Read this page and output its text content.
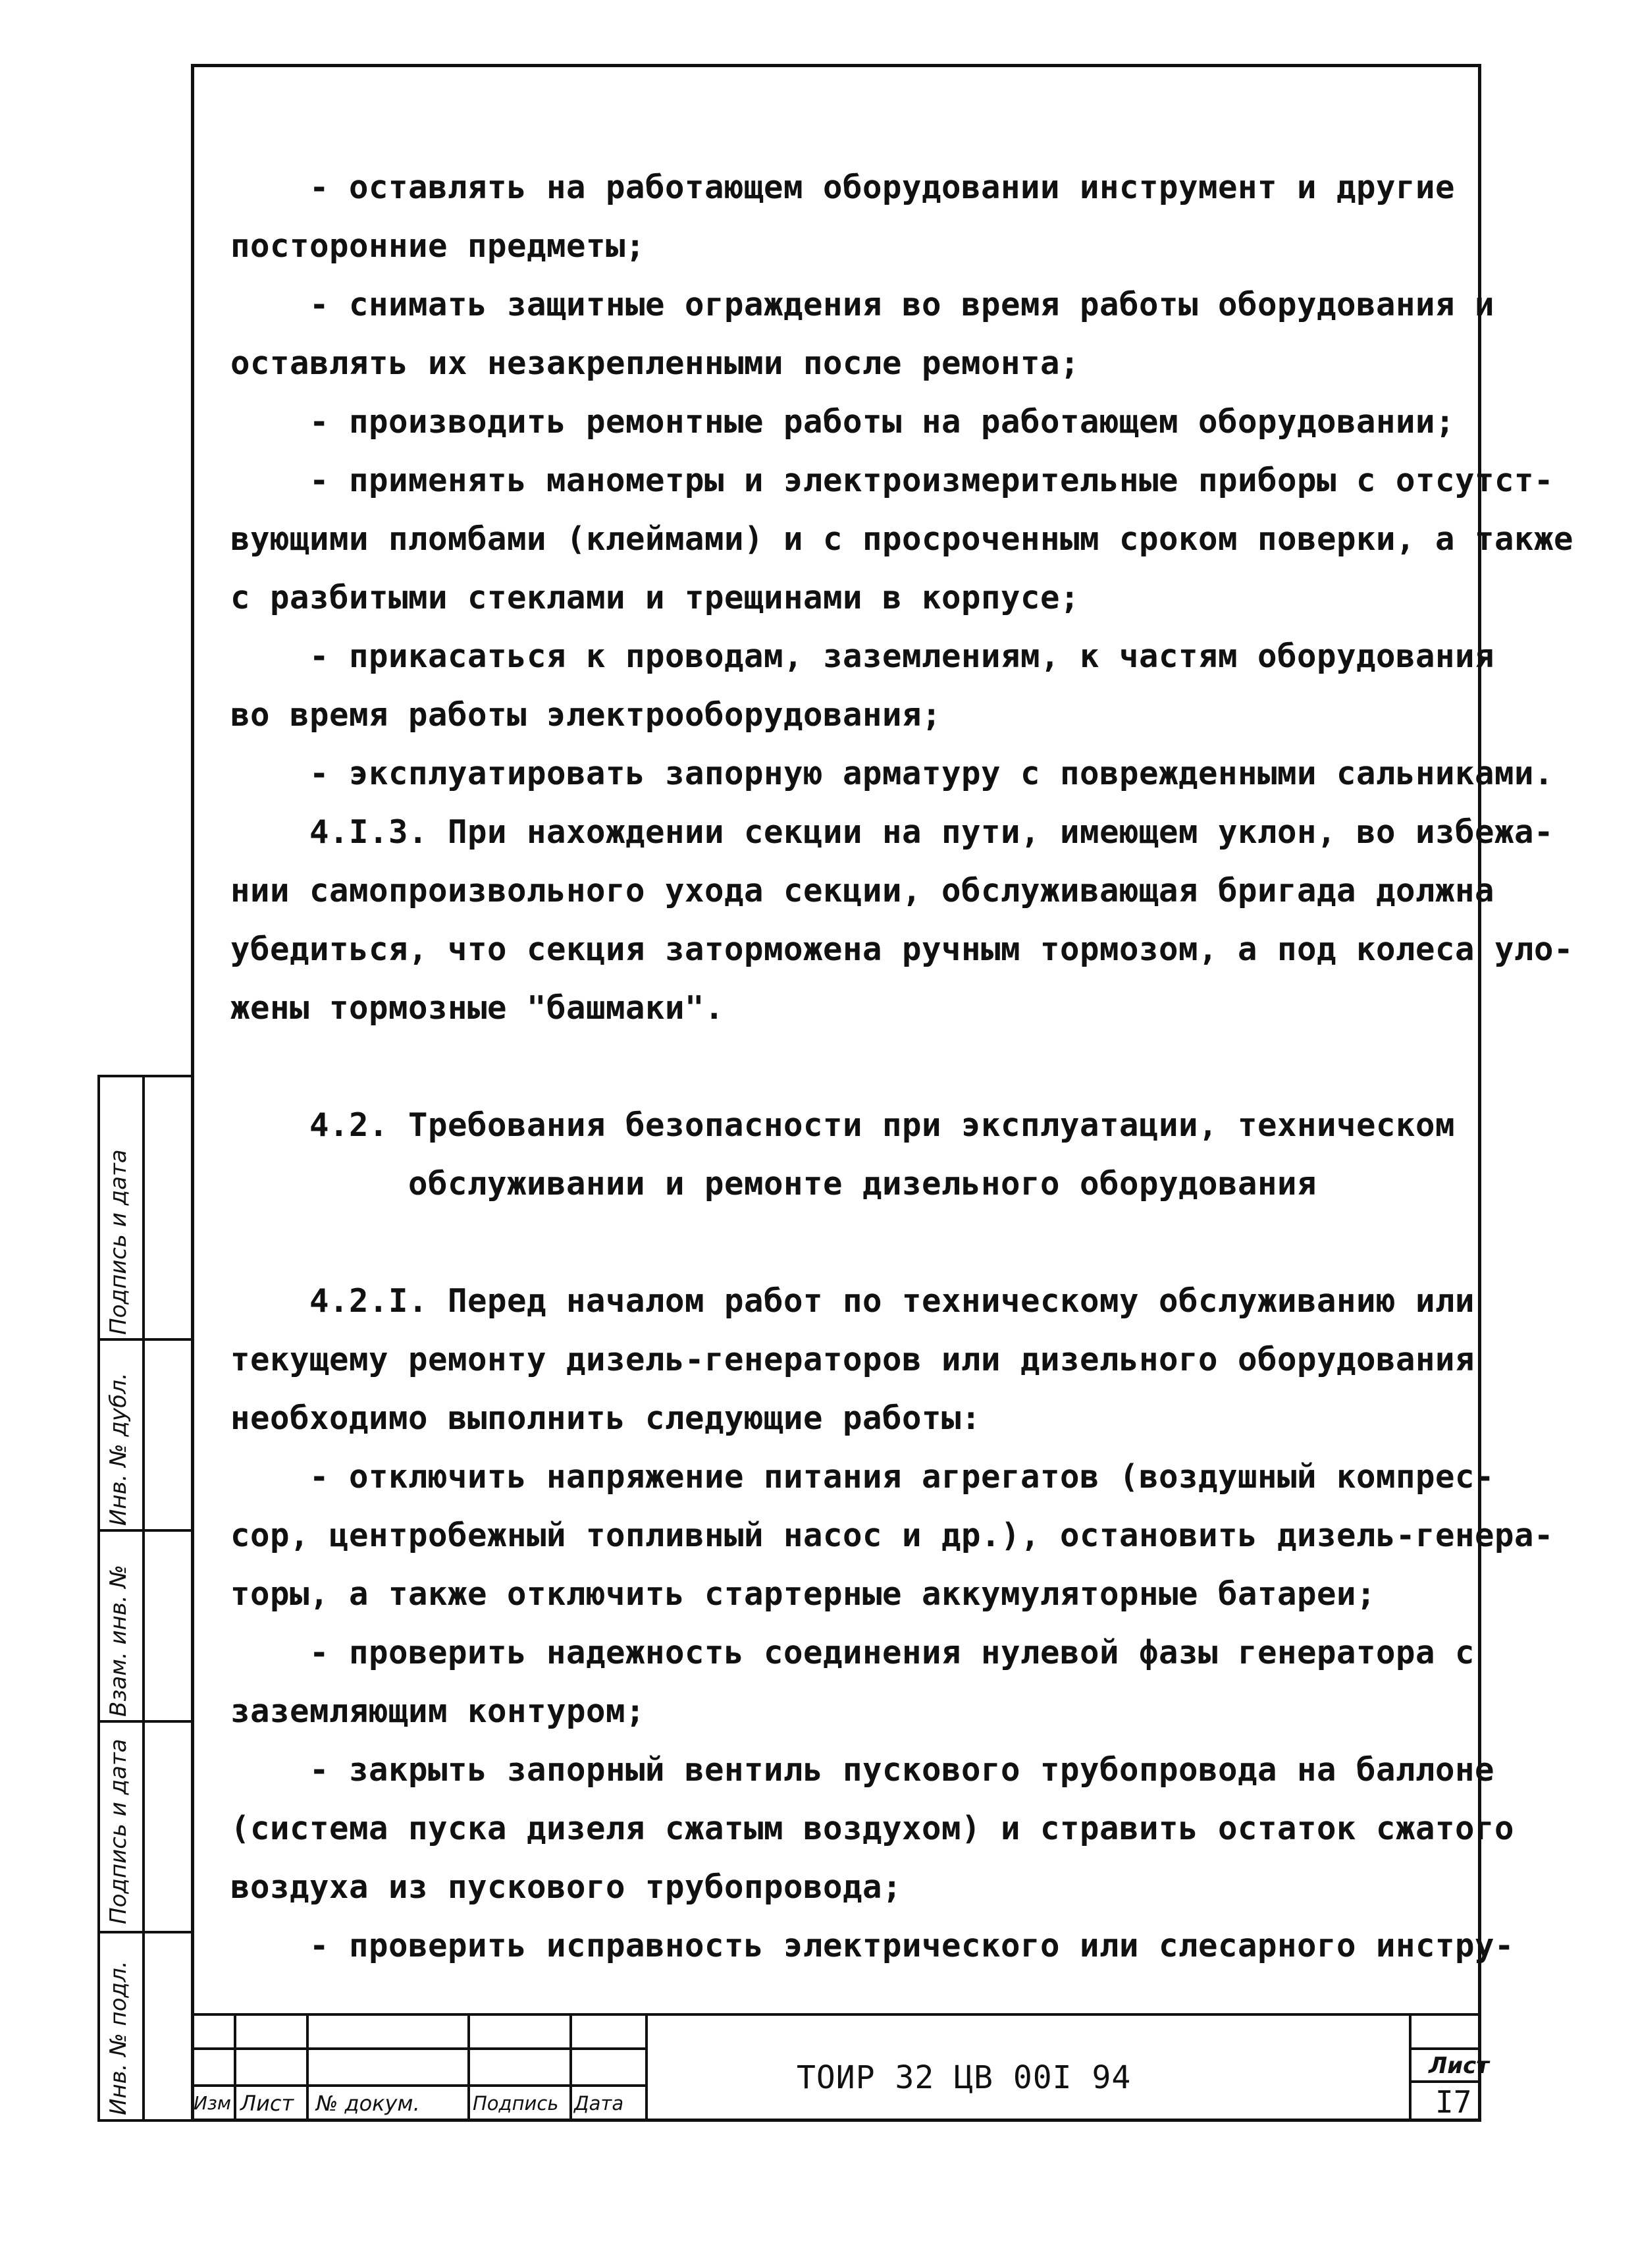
- оставлять на работающем оборудовании инструмент и другие
посторонние предметы;
- снимать защитные ограждения во время работы оборудования и
оставлять их незакрепленными после ремонта;
- производить ремонтные работы на работающем оборудовании;
- применять манометры и электроизмерительные приборы с отсутст-
вующими пломбами (клеймами) и с просроченным сроком поверки, а также
с разбитыми стеклами и трещинами в корпусе;
- прикасаться к проводам, заземлениям, к частям оборудования
во время работы электрооборудования;
- эксплуатировать запорную арматуру с поврежденными сальниками.
4.I.3. При нахождении секции на пути, имеющем уклон, во избежа-
нии самопроизвольного ухода секции, обслуживающая бригада должна
убедиться, что секция заторможена ручным тормозом, а под колеса уло-
жены тормозные "башмаки".
4.2. Требования безопасности при эксплуатации, техническом
обслуживании и ремонте дизельного оборудования
4.2.I. Перед началом работ по техническому обслуживанию или
текущему ремонту дизель-генераторов или дизельного оборудования
необходимо выполнить следующие работы:
- отключить напряжение питания агрегатов (воздушный компрес-
сор, центробежный топливный насос и др.), остановить дизель-генера-
торы, а также отключить стартерные аккумуляторные батареи;
- проверить надежность соединения нулевой фазы генератора с
заземляющим контуром;
- закрыть запорный вентиль пускового трубопровода на баллоне
(система пуска дизеля сжатым воздухом) и стравить остаток сжатого
воздуха из пускового трубопровода;
- проверить исправность электрического или слесарного инстру-
Подпись и дата
Инв. № дубл.
Взам. инв. №
Подпись и дата
Инв. № подл.	Изм Лист № докум.	Подпись Дата
ТОИР 32 ЦВ 00I 94	Лист
I7
